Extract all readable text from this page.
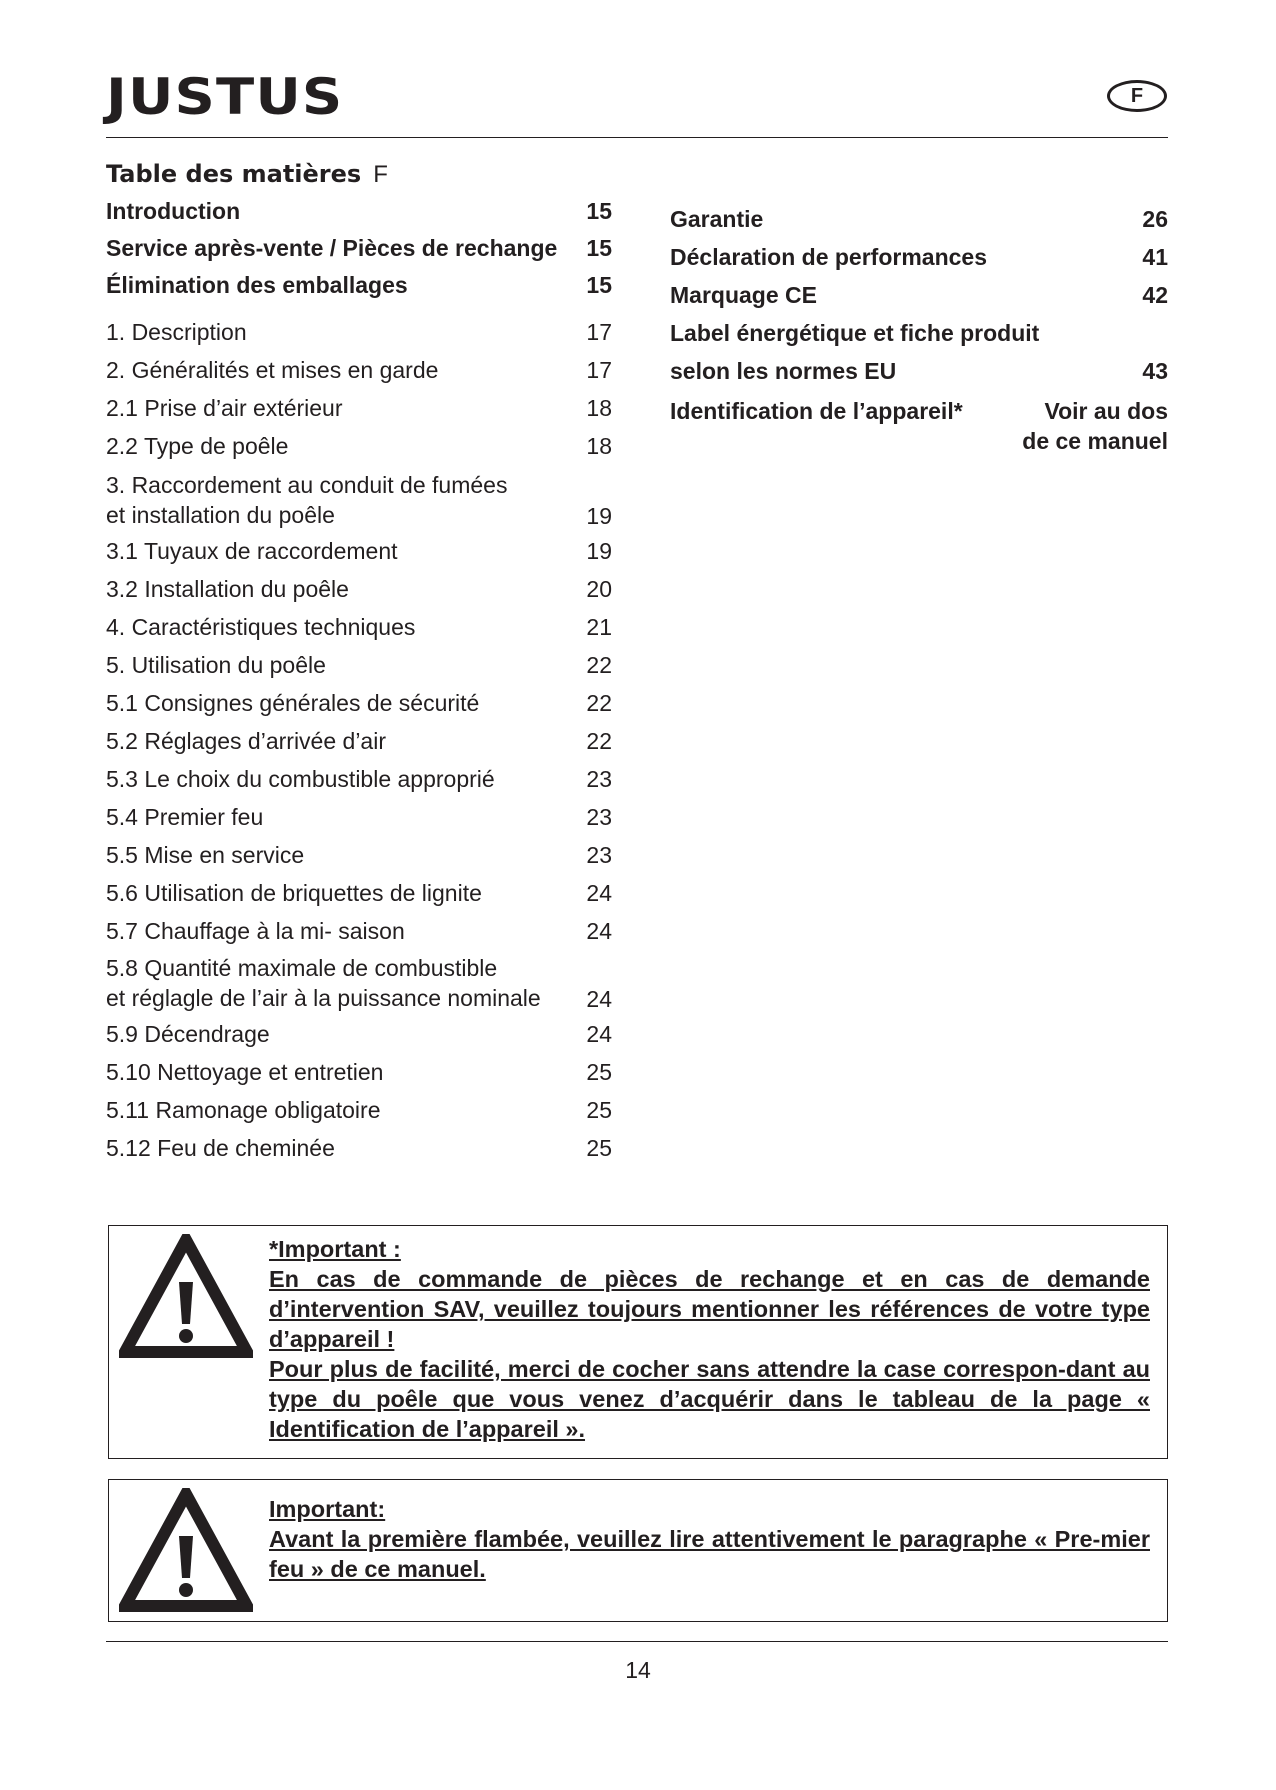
JUSTUS	F
Table des matières F
Introduction	15
Service après-vente / Pièces de rechange	15
Élimination des emballages	15
1. Description	17
2. Généralités et mises en garde	17
2.1 Prise d’air extérieur	18
2.2 Type de poêle	18
3. Raccordement au conduit de fumées
et installation du poêle	19
3.1 Tuyaux de raccordement	19
3.2 Installation du poêle	20
4. Caractéristiques techniques	21
5. Utilisation du poêle	22
5.1 Consignes générales de sécurité	22
5.2 Réglages d’arrivée d’air	22
5.3 Le choix du combustible approprié	23
5.4 Premier feu	23
5.5 Mise en service	23
5.6 Utilisation de briquettes de lignite	24
5.7 Chauffage à la mi- saison	24
5.8 Quantité maximale de combustible
et réglagle de l’air à la puissance nominale	24
5.9 Décendrage	24
5.10 Nettoyage et entretien	25
5.11 Ramonage obligatoire	25
5.12 Feu de cheminée	25
Garantie	26
Déclaration de performances	41
Marquage CE	42
Label énergétique et fiche produit
selon les normes EU	43
Identification de l’appareil*	Voir au dos
de ce manuel
*Important :
En cas de commande de pièces de rechange et en cas de demande d’intervention SAV, veuillez toujours mentionner les références de votre type d’appareil !
Pour plus de facilité, merci de cocher sans attendre la case correspon-dant au type du poêle que vous venez d’acquérir dans le tableau de la page « Identification de l’appareil ».
Important:
Avant la première flambée, veuillez lire attentivement le paragraphe « Pre-mier feu » de ce manuel.
14
